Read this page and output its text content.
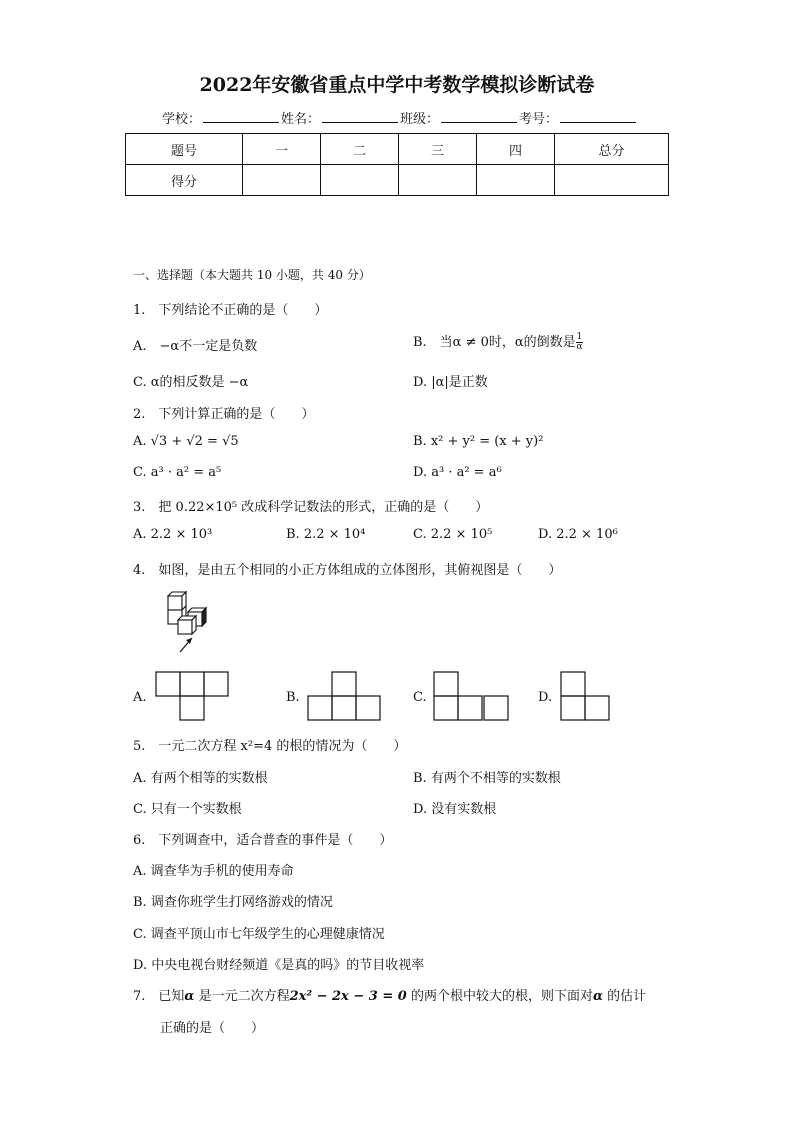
2022年安徽省重点中学中考数学模拟诊断试卷
学校：	姓名：	班级：	考号：
题号	一	二	三	四	总分
得分					
一、选择题（本大题共 10 小题，共 40 分）
1.　下列结论不正确的是（　　）
A.　−α不一定是负数	B.　当α ≠ 0时，α的倒数是 $\frac{1}{\alpha}$
C. α的相反数是 −α	D. |α|是正数
2.　下列计算正确的是（　　）
A. √3 + √2 = √5	B. x² + y² = (x + y)²
C. a³ · a² = a⁵	D. a³ · a² = a⁶
3.　把 0.22×10⁵ 改成科学记数法的形式，正确的是（　　）
A. 2.2 × 10³	B. 2.2 × 10⁴	C. 2.2 × 10⁵	D. 2.2 × 10⁶
4.　如图，是由五个相同的小正方体组成的立体图形，其俯视图是（　　）
A.	B.	C.	D.
5.　一元二次方程 x²=4 的根的情况为（　　）
A. 有两个相等的实数根	B. 有两个不相等的实数根
C. 只有一个实数根	D. 没有实数根
6.　下列调查中，适合普查的事件是（　　）
A. 调查华为手机的使用寿命
B. 调查你班学生打网络游戏的情况
C. 调查平顶山市七年级学生的心理健康情况
D. 中央电视台财经频道《是真的吗》的节目收视率
7.　已知α 是一元二次方程2x² − 2x − 3 = 0 的两个根中较大的根，则下面对α 的估计
正确的是（　　）
